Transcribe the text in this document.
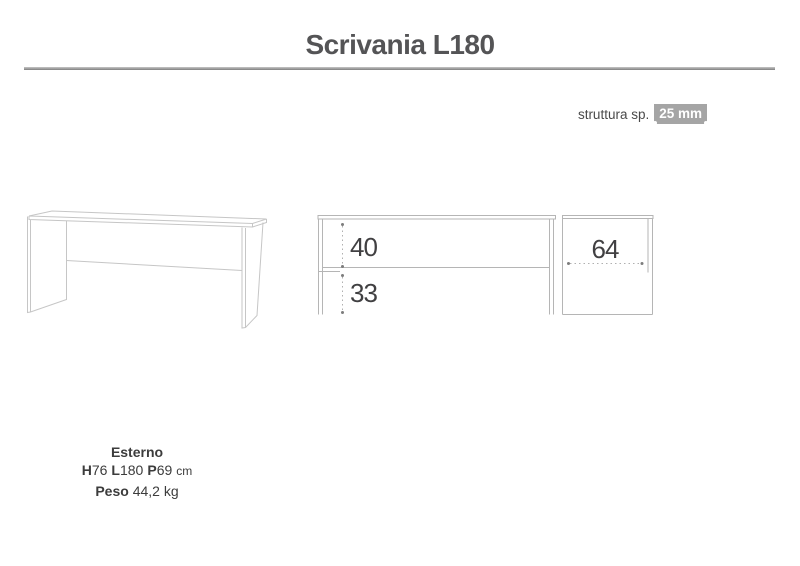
Scrivania L180
struttura sp. 25 mm
40
33
64
Esterno
H76 L180 P69 cm
Peso 44,2 kg
